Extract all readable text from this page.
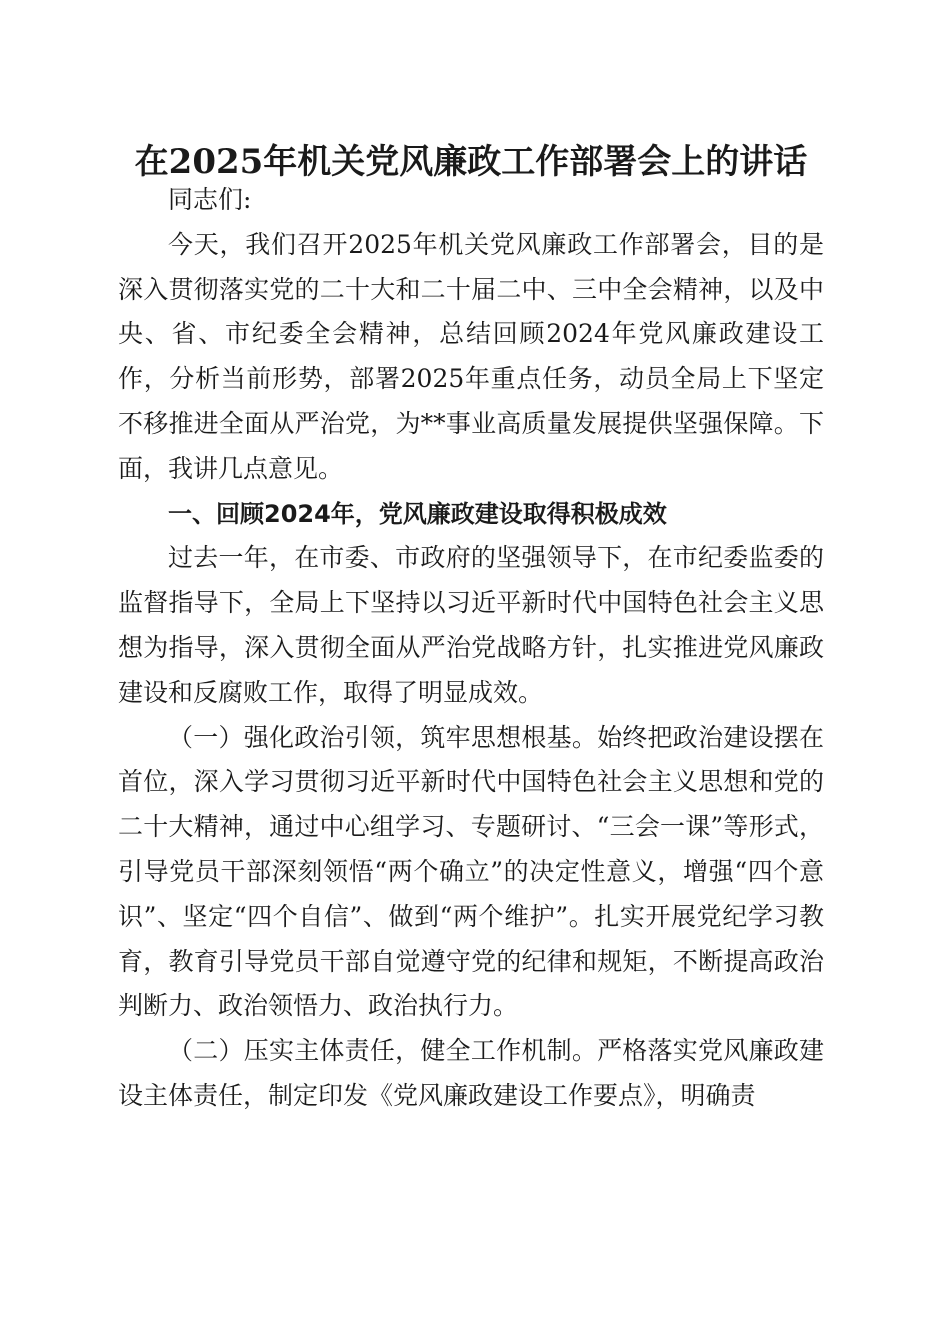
在2025年机关党风廉政工作部署会上的讲话

同志们:

今天，我们召开2025年机关党风廉政工作部署会，目的是深入贯彻落实党的二十大和二十届二中、三中全会精神，以及中央、省、市纪委全会精神，总结回顾2024年党风廉政建设工作，分析当前形势，部署2025年重点任务，动员全局上下坚定不移推进全面从严治党，为**事业高质量发展提供坚强保障。下面，我讲几点意见。

一、回顾2024年，党风廉政建设取得积极成效

过去一年，在市委、市政府的坚强领导下，在市纪委监委的监督指导下，全局上下坚持以习近平新时代中国特色社会主义思想为指导，深入贯彻全面从严治党战略方针，扎实推进党风廉政建设和反腐败工作，取得了明显成效。

（一）强化政治引领，筑牢思想根基。始终把政治建设摆在首位，深入学习贯彻习近平新时代中国特色社会主义思想和党的二十大精神，通过中心组学习、专题研讨、“三会一课”等形式，引导党员干部深刻领悟“两个确立”的决定性意义，增强“四个意识”、坚定“四个自信”、做到“两个维护”。扎实开展党纪学习教育，教育引导党员干部自觉遵守党的纪律和规矩，不断提高政治判断力、政治领悟力、政治执行力。

（二）压实主体责任，健全工作机制。严格落实党风廉政建设主体责任，制定印发《党风廉政建设工作要点》，明确责
